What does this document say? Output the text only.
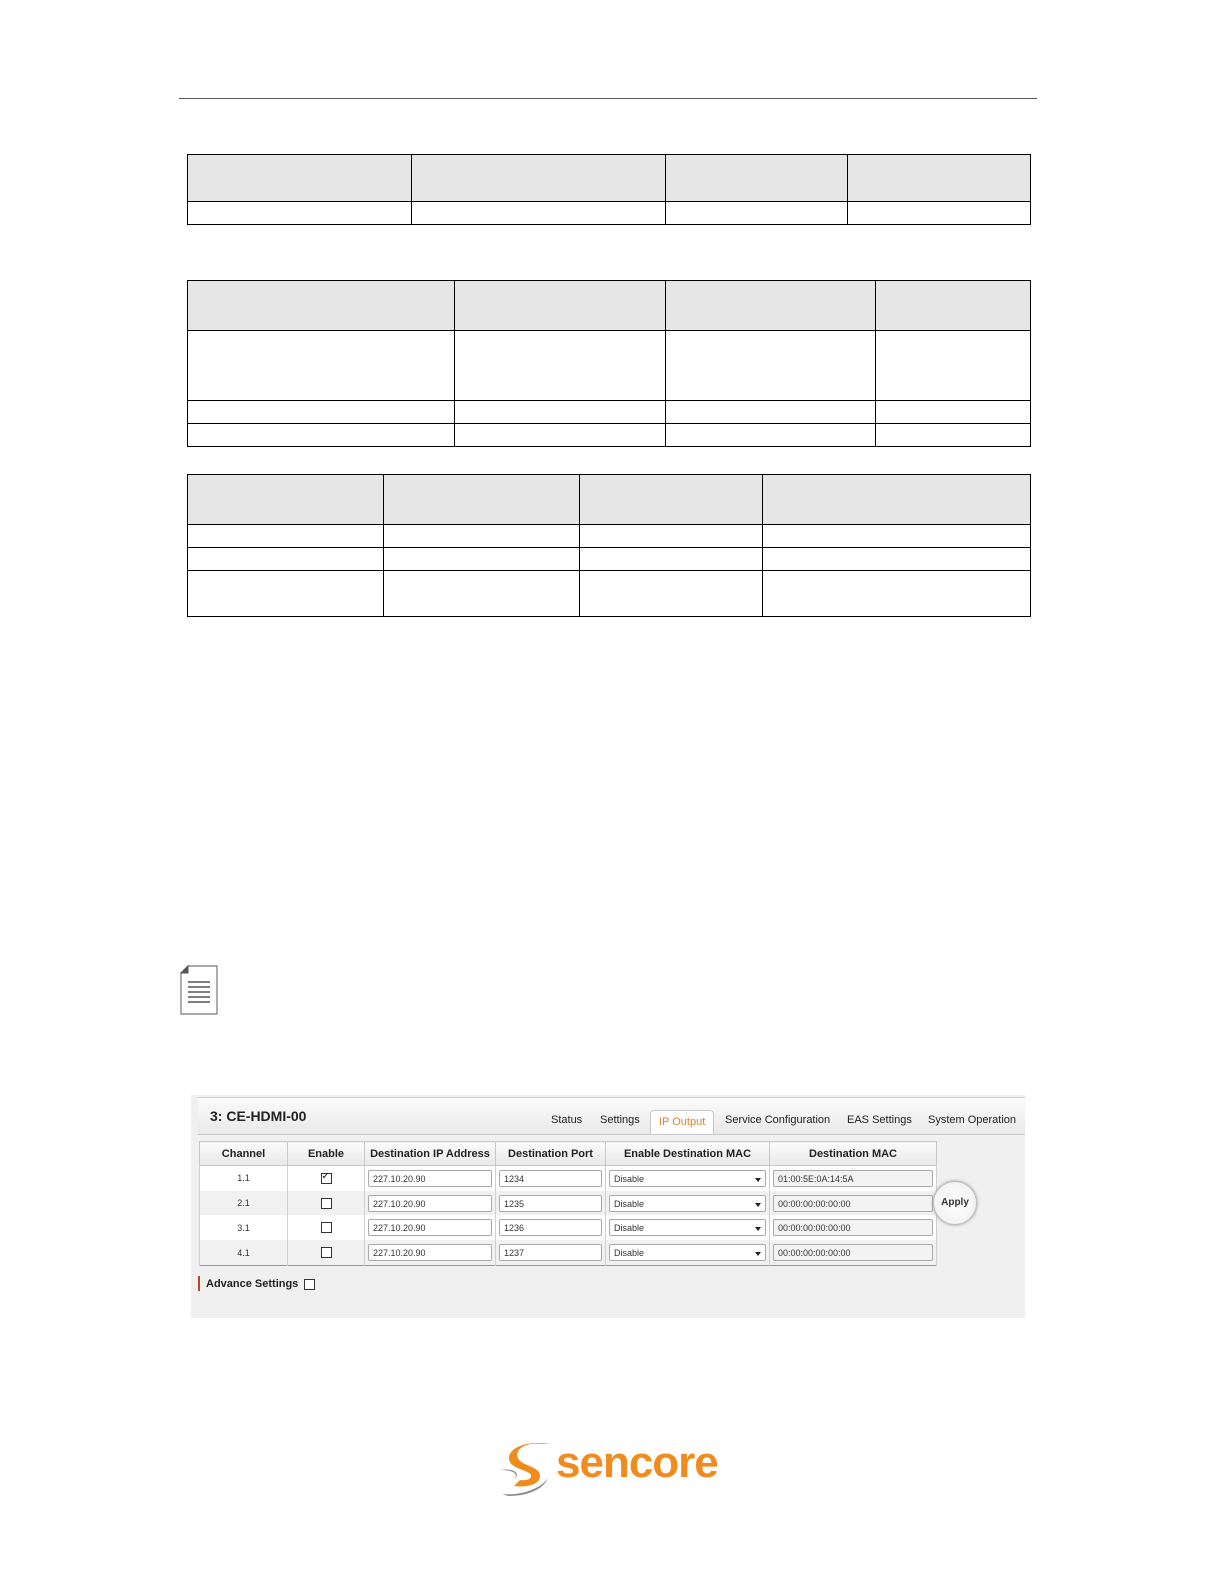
3: CE-HDMI-00	Status Settings	IP Output	Service Configuration EAS Settings System Operation
Channel	Enable	Destination IP Address	Destination Port	Enable Destination MAC	Destination MAC
1.1	✓	227.10.20.90	1234	Disable	01:00:5E:0A:14:5A

2.1		227.10.20.90	1235	Disable	00:00:00:00:00:00

3.1		227.10.20.90	1236	Disable	00:00:00:00:00:00

4.1		227.10.20.90	1237	Disable	00:00:00:00:00:00
Apply
Advance Settings
sencore
